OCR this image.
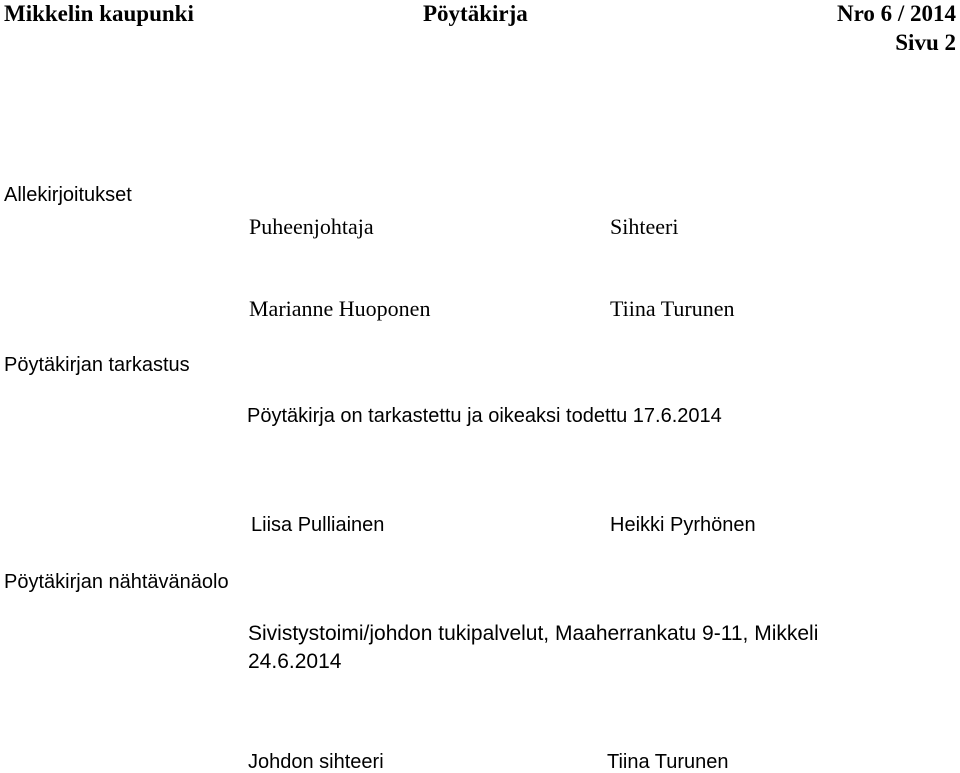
Mikkelin kaupunki	Pöytäkirja	Nro 6 / 2014
Sivu 2
Allekirjoitukset
Puheenjohtaja	Sihteeri
Marianne Huoponen	Tiina Turunen
Pöytäkirjan tarkastus
Pöytäkirja on tarkastettu ja oikeaksi todettu 17.6.2014
Liisa Pulliainen	Heikki Pyrhönen
Pöytäkirjan nähtävänäolo
Sivistystoimi/johdon tukipalvelut, Maaherrankatu 9-11, Mikkeli
24.6.2014
Johdon sihteeri	Tiina Turunen
